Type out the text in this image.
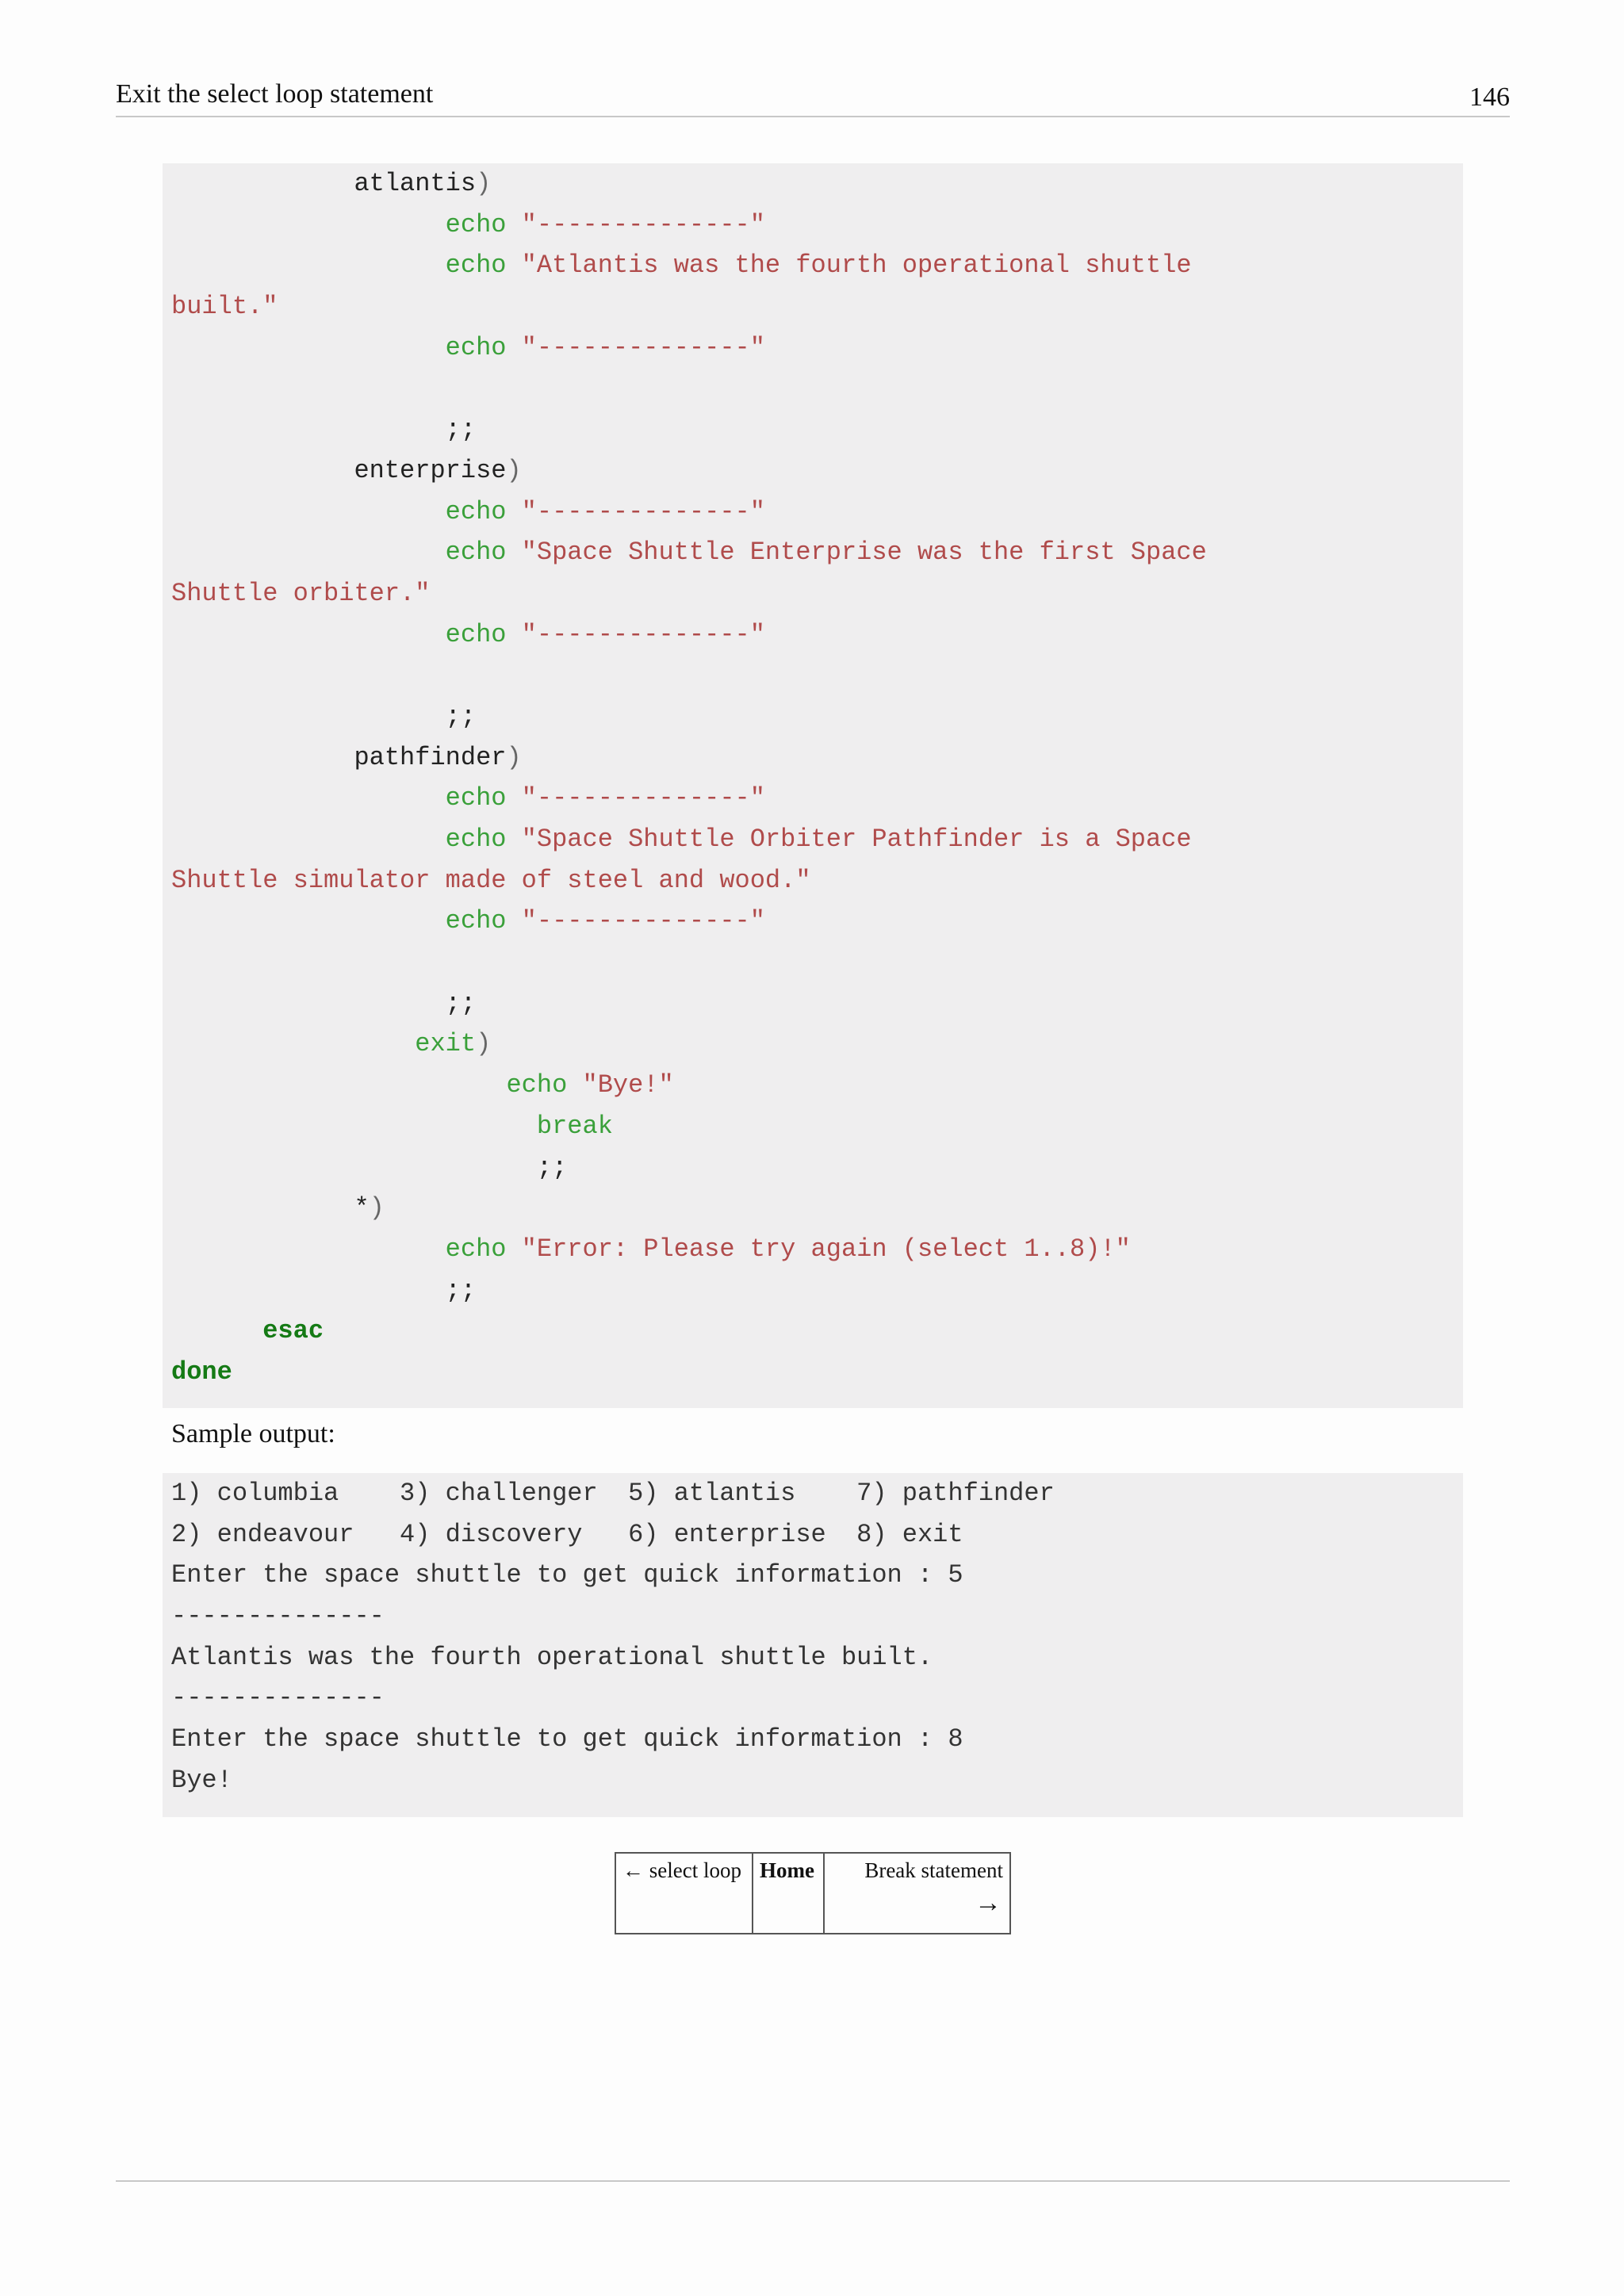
Exit the select loop statement	146
atlantis)
echo "--------------"
echo "Atlantis was the fourth operational shuttle
built."
echo "--------------"

;;
enterprise)
echo "--------------"
echo "Space Shuttle Enterprise was the first Space
Shuttle orbiter."
echo "--------------"

;;
pathfinder)
echo "--------------"
echo "Space Shuttle Orbiter Pathfinder is a Space
Shuttle simulator made of steel and wood."
echo "--------------"

;;
exit)
echo "Bye!"
break
;;
*)
echo "Error: Please try again (select 1..8)!"
;;
esac
done
Sample output:
1) columbia    3) challenger  5) atlantis    7) pathfinder
2) endeavour   4) discovery   6) enterprise  8) exit
Enter the space shuttle to get quick information : 5
--------------
Atlantis was the fourth operational shuttle built.
--------------
Enter the space shuttle to get quick information : 8
Bye!
← select loop Home	Break statement
→
